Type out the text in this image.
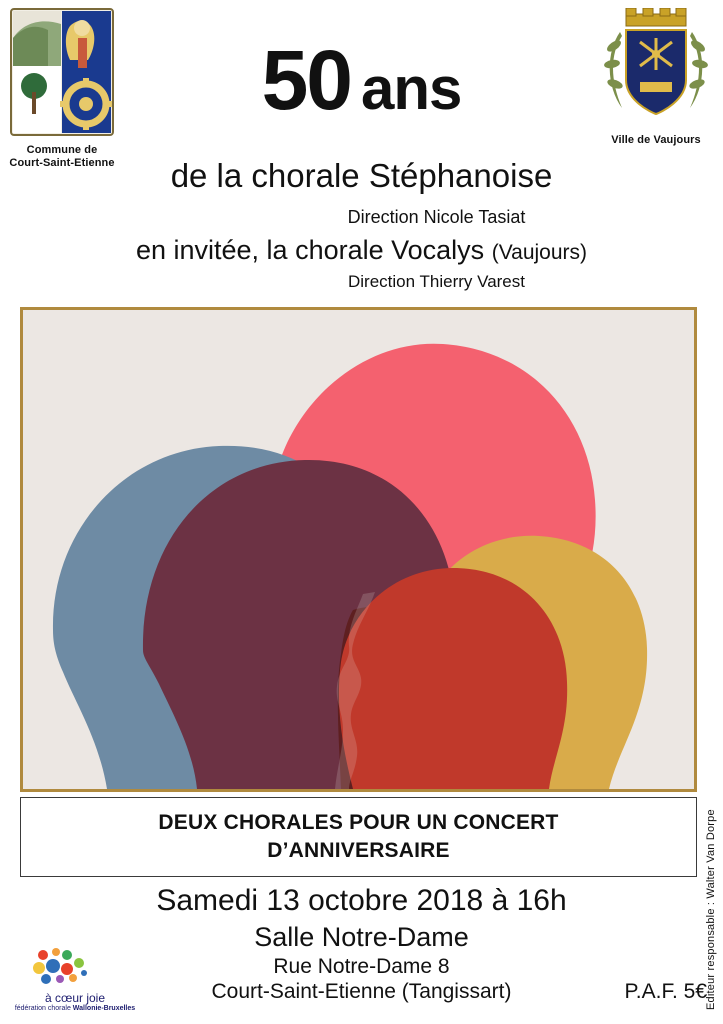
Commune de
Court-Saint-Etienne
Ville de Vaujours
50 ans
de la chorale Stéphanoise
Direction Nicole Tasiat
en invitée, la chorale Vocalys (Vaujours)
Direction Thierry Varest
DEUX CHORALES POUR UN CONCERT
D’ANNIVERSAIRE
Samedi 13 octobre 2018 à 16h
Salle Notre-Dame
Rue Notre-Dame 8
Court-Saint-Etienne (Tangissart)	P.A.F. 5€
Editeur responsable : Walter Van Dorpe
à cœur joie
fédération chorale Wallonie-Bruxelles
